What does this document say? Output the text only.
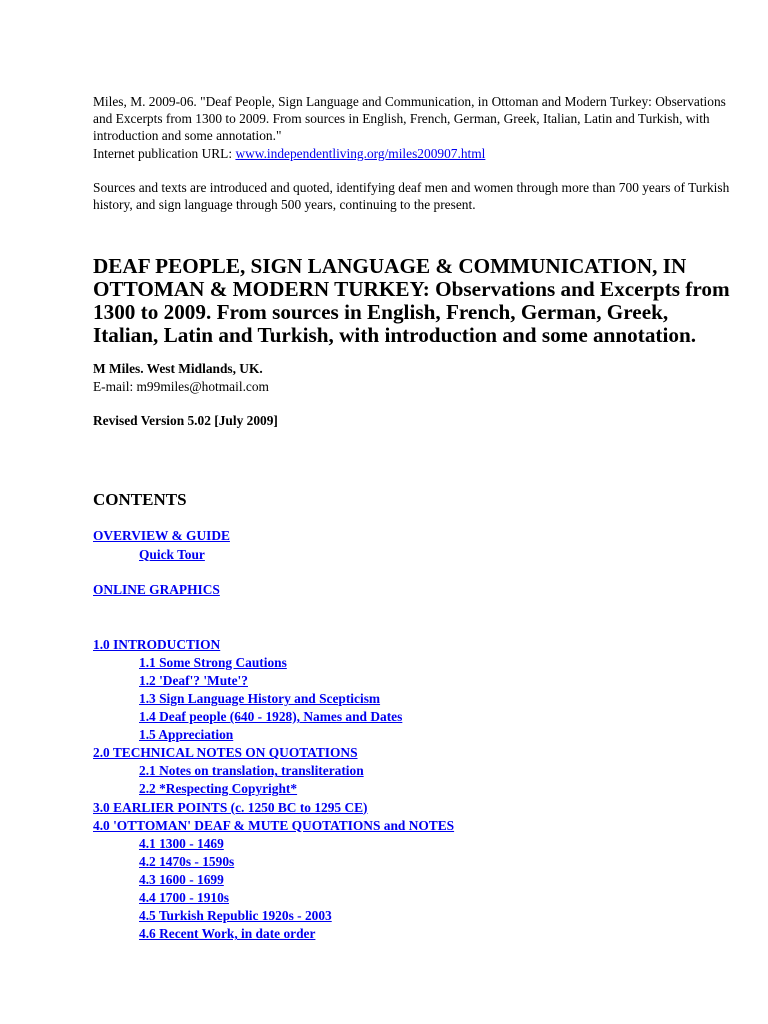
Miles, M. 2009-06. "Deaf People, Sign Language and Communication, in Ottoman and Modern Turkey: Observations and Excerpts from 1300 to 2009. From sources in English, French, German, Greek, Italian, Latin and Turkish, with introduction and some annotation."
Internet publication URL: www.independentliving.org/miles200907.html

Sources and texts are introduced and quoted, identifying deaf men and women through more than 700 years of Turkish history, and sign language through 500 years, continuing to the present.

DEAF PEOPLE, SIGN LANGUAGE & COMMUNICATION, IN OTTOMAN & MODERN TURKEY: Observations and Excerpts from 1300 to 2009. From sources in English, French, German, Greek, Italian, Latin and Turkish, with introduction and some annotation.
M Miles. West Midlands, UK.
E-mail: m99miles@hotmail.com
Revised Version 5.02 [July 2009]
CONTENTS
OVERVIEW & GUIDE
Quick Tour
ONLINE GRAPHICS
1.0 INTRODUCTION
1.1 Some Strong Cautions
1.2 'Deaf'? 'Mute'?
1.3 Sign Language History and Scepticism
1.4 Deaf people (640 - 1928), Names and Dates
1.5 Appreciation
2.0 TECHNICAL NOTES ON QUOTATIONS
2.1 Notes on translation, transliteration
2.2 *Respecting Copyright*
3.0 EARLIER POINTS (c. 1250 BC to 1295 CE)
4.0 'OTTOMAN' DEAF & MUTE QUOTATIONS and NOTES
4.1 1300 - 1469
4.2 1470s - 1590s
4.3 1600 - 1699
4.4 1700 - 1910s
4.5 Turkish Republic 1920s - 2003
4.6 Recent Work, in date order
